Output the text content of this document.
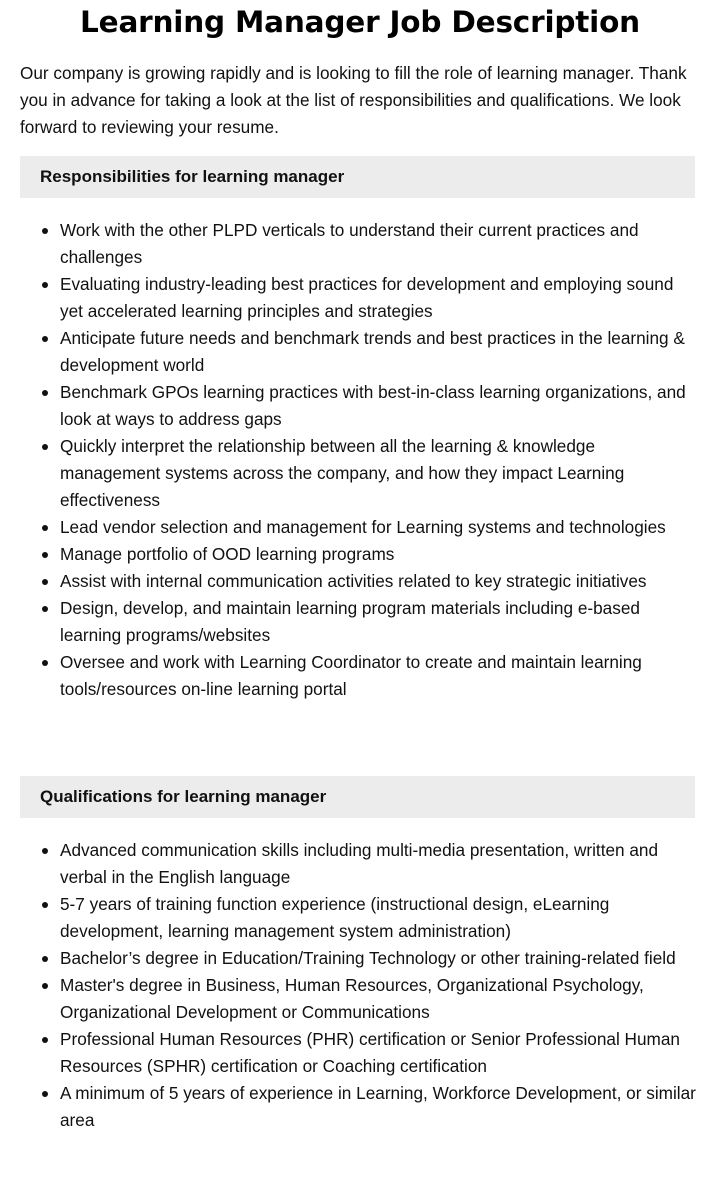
Learning Manager Job Description

Our company is growing rapidly and is looking to fill the role of learning manager. Thank you in advance for taking a look at the list of responsibilities and qualifications. We look forward to reviewing your resume.

Responsibilities for learning manager
Work with the other PLPD verticals to understand their current practices and challenges
Evaluating industry-leading best practices for development and employing sound yet accelerated learning principles and strategies
Anticipate future needs and benchmark trends and best practices in the learning & development world
Benchmark GPOs learning practices with best-in-class learning organizations, and look at ways to address gaps
Quickly interpret the relationship between all the learning & knowledge management systems across the company, and how they impact Learning effectiveness
Lead vendor selection and management for Learning systems and technologies
Manage portfolio of OOD learning programs
Assist with internal communication activities related to key strategic initiatives
Design, develop, and maintain learning program materials including e-based learning programs/websites
Oversee and work with Learning Coordinator to create and maintain learning tools/resources on-line learning portal
Qualifications for learning manager
Advanced communication skills including multi-media presentation, written and verbal in the English language
5-7 years of training function experience (instructional design, eLearning development, learning management system administration)
Bachelor’s degree in Education/Training Technology or other training-related field
Master's degree in Business, Human Resources, Organizational Psychology, Organizational Development or Communications
Professional Human Resources (PHR) certification or Senior Professional Human Resources (SPHR) certification or Coaching certification
A minimum of 5 years of experience in Learning, Workforce Development, or similar area
